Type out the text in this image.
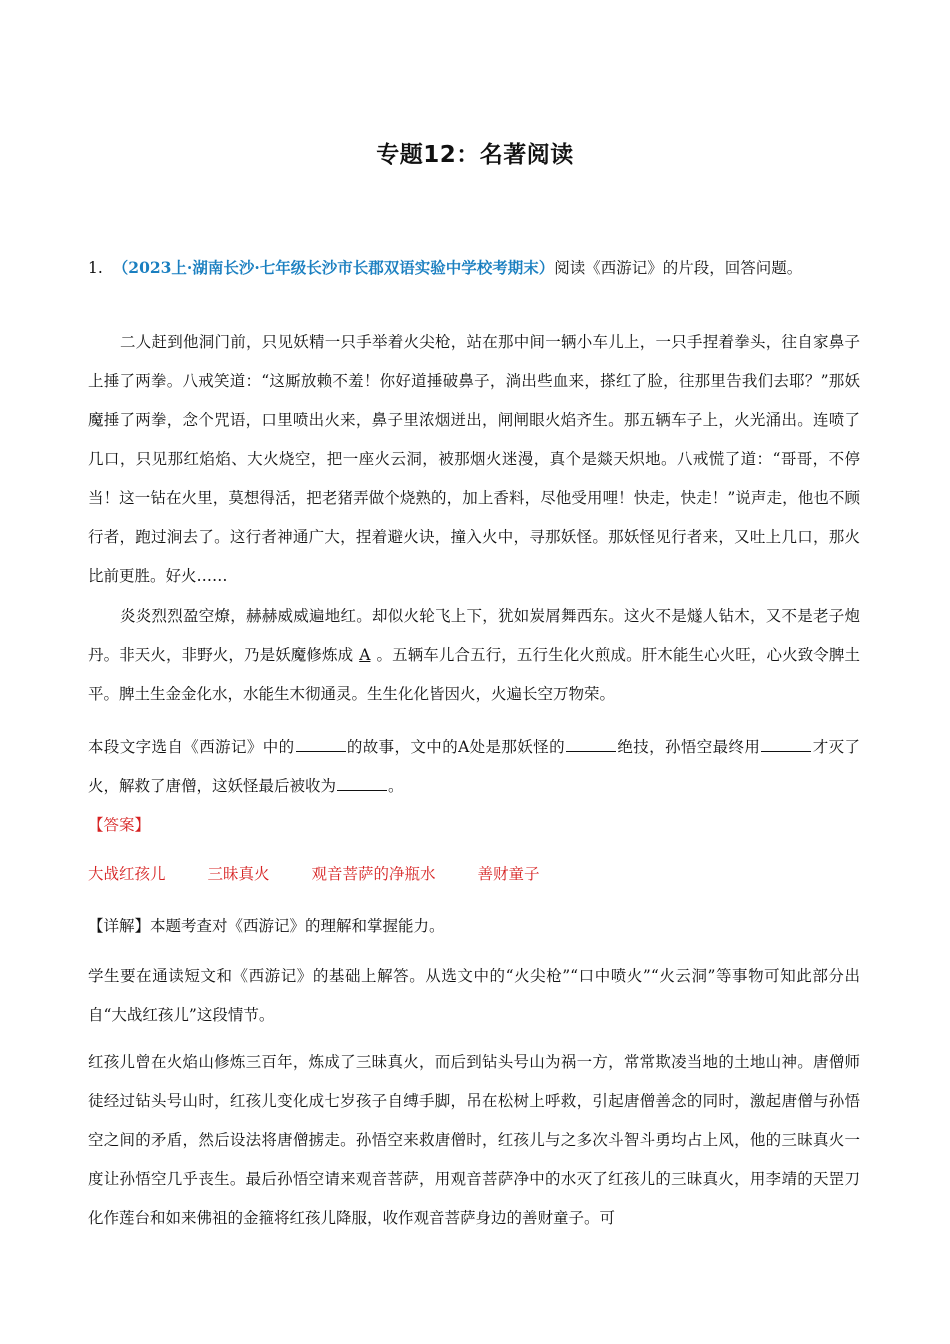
专题12：名著阅读
1. （2023上·湖南长沙·七年级长沙市长郡双语实验中学校考期末）阅读《西游记》的片段，回答问题。
二人赶到他洞门前，只见妖精一只手举着火尖枪，站在那中间一辆小车儿上，一只手捏着拳头，往自家鼻子上捶了两拳。八戒笑道：“这厮放赖不羞！你好道捶破鼻子，淌出些血来，搽红了脸，往那里告我们去耶？”那妖魔捶了两拳，念个咒语，口里喷出火来，鼻子里浓烟迸出，闸闸眼火焰齐生。那五辆车子上，火光涌出。连喷了几口，只见那红焰焰、大火烧空，把一座火云洞，被那烟火迷漫，真个是燚天炽地。八戒慌了道：“哥哥，不停当！这一钻在火里，莫想得活，把老猪弄做个烧熟的，加上香料，尽他受用哩！快走，快走！”说声走，他也不顾行者，跑过涧去了。这行者神通广大，捏着避火诀，撞入火中，寻那妖怪。那妖怪见行者来，又吐上几口，那火比前更胜。好火……
炎炎烈烈盈空燎，赫赫威威遍地红。却似火轮飞上下，犹如炭屑舞西东。这火不是燧人钻木，又不是老子炮丹。非天火，非野火，乃是妖魔修炼成 A 。五辆车儿合五行，五行生化火煎成。肝木能生心火旺，心火致令脾土平。脾土生金金化水，水能生木彻通灵。生生化化皆因火，火遍长空万物荣。
本段文字选自《西游记》中的	的故事，文中的A处是那妖怪的	绝技，孙悟空最终用	才灭了火，解救了唐僧，这妖怪最后被收为	。
【答案】
大战红孩儿	三昧真火	观音菩萨的净瓶水	善财童子
【详解】本题考查对《西游记》的理解和掌握能力。
学生要在通读短文和《西游记》的基础上解答。从选文中的“火尖枪”“口中喷火”“火云洞”等事物可知此部分出自“大战红孩儿”这段情节。
红孩儿曾在火焰山修炼三百年，炼成了三昧真火，而后到钻头号山为祸一方，常常欺凌当地的土地山神。唐僧师徒经过钻头号山时，红孩儿变化成七岁孩子自缚手脚，吊在松树上呼救，引起唐僧善念的同时，激起唐僧与孙悟空之间的矛盾，然后设法将唐僧掳走。孙悟空来救唐僧时，红孩儿与之多次斗智斗勇均占上风，他的三昧真火一度让孙悟空几乎丧生。最后孙悟空请来观音菩萨，用观音菩萨净中的水灭了红孩儿的三昧真火，用李靖的天罡刀化作莲台和如来佛祖的金箍将红孩儿降服，收作观音菩萨身边的善财童子。可
